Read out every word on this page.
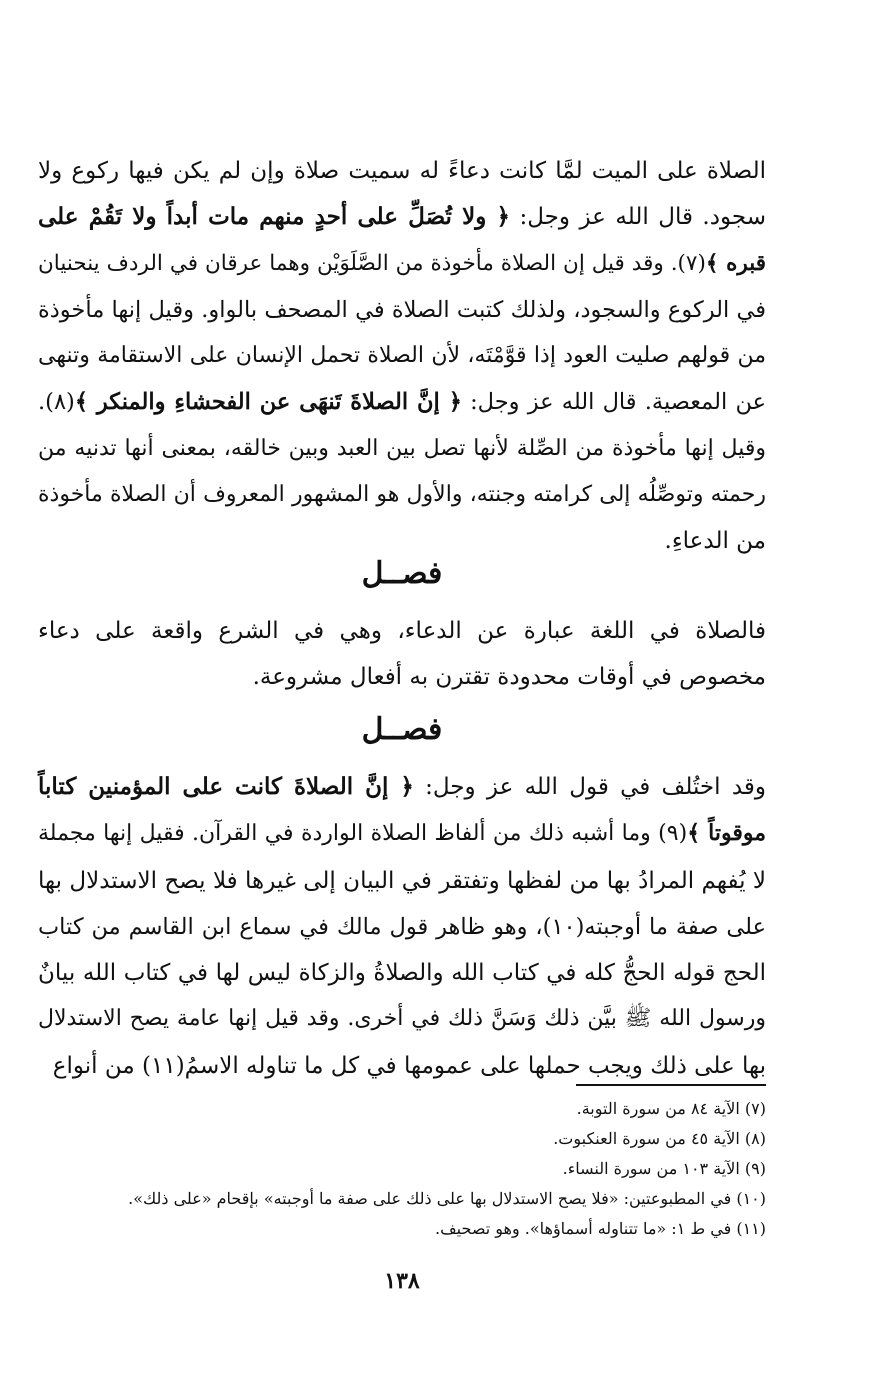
الصلاة على الميت لمَّا كانت دعاءً له سميت صلاة وإن لم يكن فيها ركوع ولا
سجود. قال الله عز وجل: ﴿ ولا تُصَلِّ على أحدٍ منهم مات أبداً ولا تَقُمْ على
قبره ﴾(٧). وقد قيل إن الصلاة مأخوذة من الصَّلَوَيْن وهما عرقان في الردف ينحنيان
في الركوع والسجود، ولذلك كتبت الصلاة في المصحف بالواو. وقيل إنها مأخوذة
من قولهم صليت العود إذا قوَّمْتَه، لأن الصلاة تحمل الإنسان على الاستقامة وتنهى
عن المعصية. قال الله عز وجل: ﴿ إنَّ الصلاةَ تَنهَى عن الفحشاءِ والمنكر ﴾(٨).
وقيل إنها مأخوذة من الصِّلة لأنها تصل بين العبد وبين خالقه، بمعنى أنها تدنيه من
رحمته وتوصِّلُه إلى كرامته وجنته، والأول هو المشهور المعروف أن الصلاة مأخوذة
من الدعاءِ.
فصــل
فالصلاة في اللغة عبارة عن الدعاء، وهي في الشرع واقعة على دعاء
مخصوص في أوقات محدودة تقترن به أفعال مشروعة.
فصــل
وقد اختُلف في قول الله عز وجل: ﴿ إنَّ الصلاةَ كانت على المؤمنين كتاباً
موقوتاً ﴾(٩) وما أشبه ذلك من ألفاظ الصلاة الواردة في القرآن. فقيل إنها مجملة
لا يُفهم المرادُ بها من لفظها وتفتقر في البيان إلى غيرها فلا يصح الاستدلال بها
على صفة ما أوجبته(١٠)، وهو ظاهر قول مالك في سماع ابن القاسم من كتاب
الحج قوله الحجُّ كله في كتاب الله والصلاةُ والزكاة ليس لها في كتاب الله بيانٌ
ورسول الله ﷺ بيَّن ذلك وَسَنَّ ذلك في أخرى. وقد قيل إنها عامة يصح الاستدلال
بها على ذلك ويجب حملها على عمومها في كل ما تناوله الاسمُ(١١) من أنواع
(٧) الآية ٨٤ من سورة التوبة.
(٨) الآية ٤٥ من سورة العنكبوت.
(٩) الآية ١٠٣ من سورة النساء.
(١٠) في المطبوعتين: «فلا يصح الاستدلال بها على ذلك على صفة ما أوجبته» بإقحام «على ذلك».
(١١) في ط ١: «ما تتناوله أسماؤها». وهو تصحيف.
١٣٨
